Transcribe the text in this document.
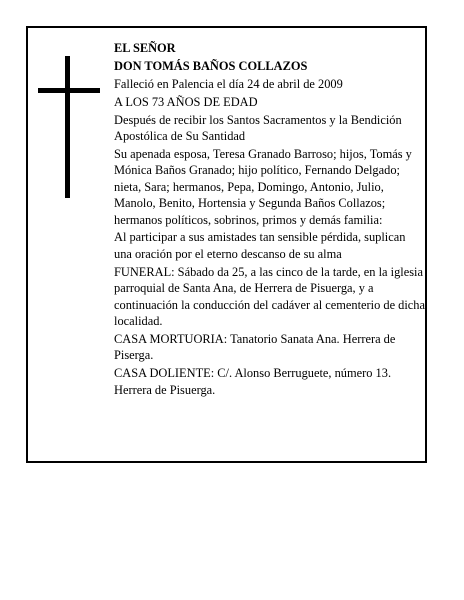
EL SEÑOR

DON TOMÁS BAÑOS COLLAZOS

Falleció en Palencia el día 24 de abril de 2009

A LOS 73 AÑOS DE EDAD

Después de recibir los Santos Sacramentos y la Bendición Apostólica de Su Santidad

Su apenada esposa, Teresa Granado Barroso; hijos, Tomás y Mónica Baños Granado; hijo político, Fernando Delgado; nieta, Sara; hermanos, Pepa, Domingo, Antonio, Julio, Manolo, Benito, Hortensia y Segunda Baños Collazos; hermanos políticos, sobrinos, primos y demás familia:

Al participar a sus amistades tan sensible pérdida, suplican una oración por el eterno descanso de su alma

FUNERAL: Sábado da 25, a las cinco de la tarde, en la iglesia parroquial de Santa Ana, de Herrera de Pisuerga, y a continuación la conducción del cadáver al cementerio de dicha localidad.

CASA MORTUORIA: Tanatorio Sanata Ana. Herrera de Piserga.

CASA DOLIENTE: C/. Alonso Berruguete, número 13. Herrera de Pisuerga.
